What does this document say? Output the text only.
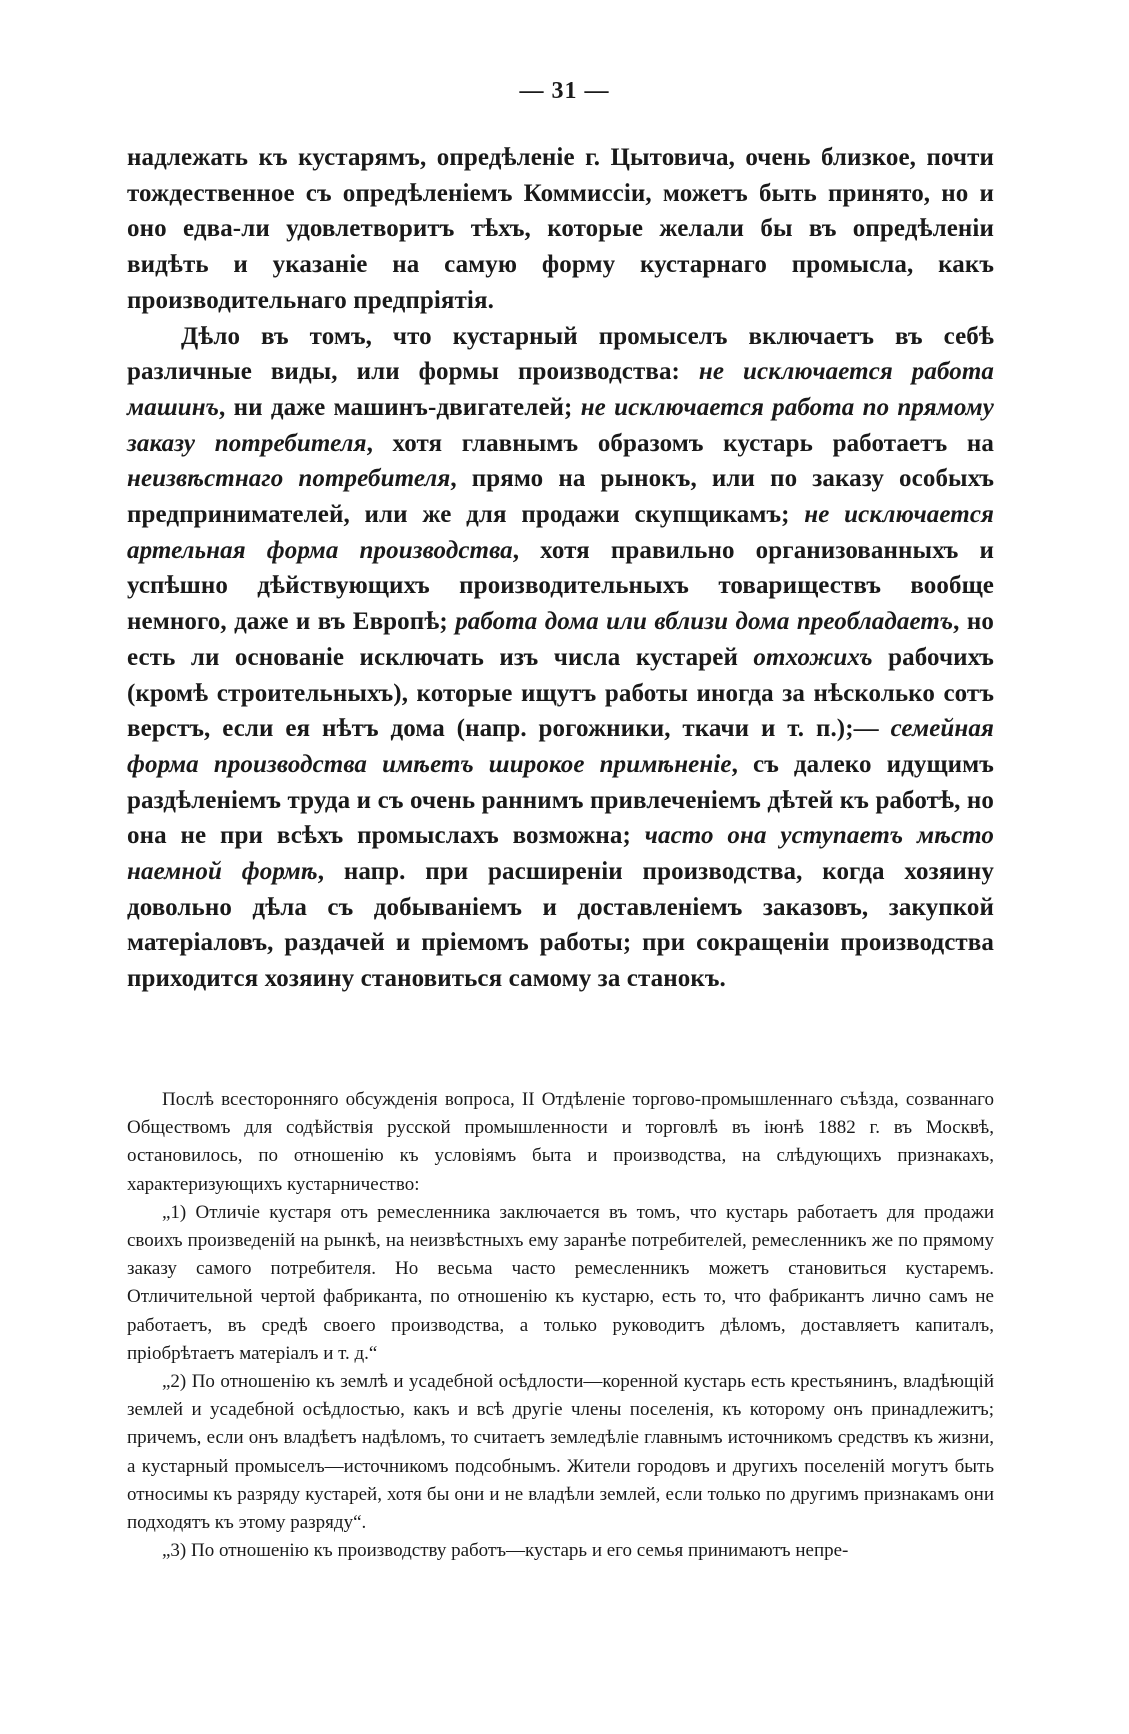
— 31 —

надлежать къ кустарямъ, опредѣленіе г. Цытовича, очень близкое, почти тождественное съ опредѣленіемъ Коммиссіи, можетъ быть принято, но и оно едва-ли удовлетворитъ тѣхъ, которые желали бы въ опредѣленіи видѣть и указаніе на самую форму кустарнаго промысла, какъ производительнаго предпріятія.

Дѣло въ томъ, что кустарный промыселъ включаетъ въ себѣ различные виды, или формы производства: не исключается работа машинъ, ни даже машинъ-двигателей; не исключается работа по прямому заказу потребителя, хотя главнымъ образомъ кустарь работаетъ на неизвѣстнаго потребителя, прямо на рынокъ, или по заказу особыхъ предпринимателей, или же для продажи скупщикамъ; не исключается артельная форма производства, хотя правильно организованныхъ и успѣшно дѣйствующихъ производительныхъ товариществъ вообще немного, даже и въ Европѣ; работа дома или вблизи дома преобладаетъ, но есть ли основаніе исключать изъ числа кустарей отхожихъ рабочихъ (кромѣ строительныхъ), которые ищутъ работы иногда за нѣсколько сотъ верстъ, если ея нѣтъ дома (напр. рогожники, ткачи и т. п.);— семейная форма производства имѣетъ широкое примѣненіе, съ далеко идущимъ раздѣленіемъ труда и съ очень раннимъ привлеченіемъ дѣтей къ работѣ, но она не при всѣхъ промыслахъ возможна; часто она уступаетъ мѣсто наемной формѣ, напр. при расширеніи производства, когда хозяину довольно дѣла съ добываніемъ и доставленіемъ заказовъ, закупкой матеріаловъ, раздачей и пріемомъ работы; при сокращеніи производства приходится хозяину становиться самому за станокъ.

Послѣ всесторонняго обсужденія вопроса, II Отдѣленіе торгово-промышленнаго съѣзда, созваннаго Обществомъ для содѣйствія русской промышленности и торговлѣ въ іюнѣ 1882 г. въ Москвѣ, остановилось, по отношенію къ условіямъ быта и производства, на слѣдующихъ признакахъ, характеризующихъ кустарничество:

„1) Отличіе кустаря отъ ремесленника заключается въ томъ, что кустарь работаетъ для продажи своихъ произведеній на рынкѣ, на неизвѣстныхъ ему заранѣе потребителей, ремесленникъ же по прямому заказу самого потребителя. Но весьма часто ремесленникъ можетъ становиться кустаремъ. Отличительной чертой фабриканта, по отношенію къ кустарю, есть то, что фабрикантъ лично самъ не работаетъ, въ средѣ своего производства, а только руководитъ дѣломъ, доставляетъ капиталъ, пріобрѣтаетъ матеріалъ и т. д.“

„2) По отношенію къ землѣ и усадебной осѣдлости—коренной кустарь есть крестьянинъ, владѣющій землей и усадебной осѣдлостью, какъ и всѣ другіе члены поселенія, къ которому онъ принадлежитъ; причемъ, если онъ владѣетъ надѣломъ, то считаетъ земледѣліе главнымъ источникомъ средствъ къ жизни, а кустарный промыселъ—источникомъ подсобнымъ. Жители городовъ и другихъ поселеній могутъ быть относимы къ разряду кустарей, хотя бы они и не владѣли землей, если только по другимъ признакамъ они подходятъ къ этому разряду“.

„3) По отношенію къ производству работъ—кустарь и его семья принимаютъ непре-
